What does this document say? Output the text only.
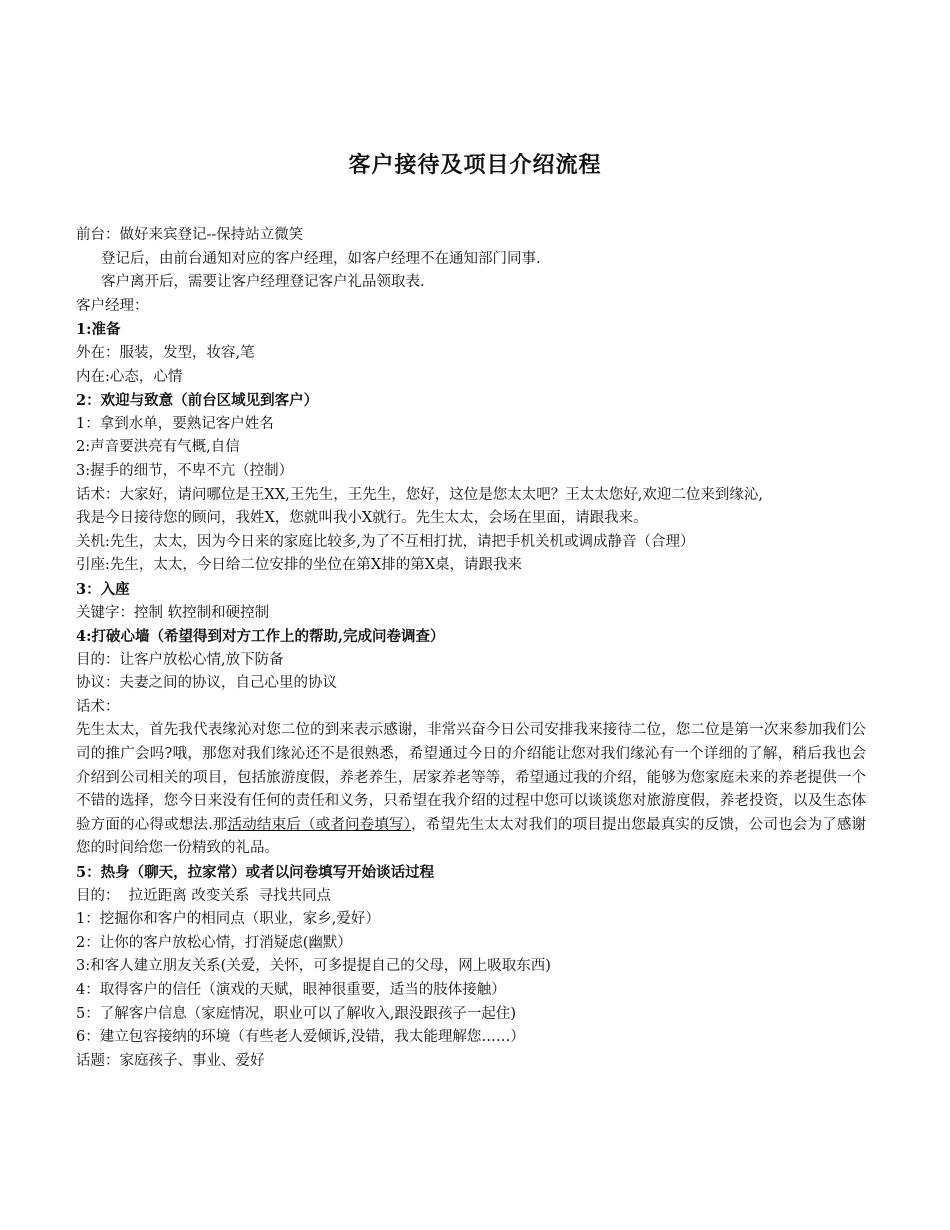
客户接待及项目介绍流程

前台：做好来宾登记--保持站立微笑

登记后，由前台通知对应的客户经理，如客户经理不在通知部门同事.

客户离开后，需要让客户经理登记客户礼品领取表.

客户经理：

1:准备

外在：服装，发型，妆容,笔

内在:心态，心情

2：欢迎与致意（前台区域见到客户）

1：拿到水单，要熟记客户姓名

2:声音要洪亮有气概,自信

3:握手的细节，不卑不亢（控制）

话术：大家好，请问哪位是王XX,王先生，王先生，您好，这位是您太太吧？王太太您好,欢迎二位来到缘沁,

我是今日接待您的顾问，我姓X，您就叫我小X就行。先生太太，会场在里面，请跟我来。

关机:先生，太太，因为今日来的家庭比较多,为了不互相打扰，请把手机关机或调成静音（合理）

引座:先生，太太，今日给二位安排的坐位在第X排的第X桌，请跟我来

3：入座

关键字：控制 软控制和硬控制

4:打破心墙（希望得到对方工作上的帮助,完成问卷调查）

目的：让客户放松心情,放下防备

协议：夫妻之间的协议，自己心里的协议

话术：

先生太太，首先我代表缘沁对您二位的到来表示感谢，非常兴奋今日公司安排我来接待二位，您二位是第一次来参加我们公司的推广会吗?哦，那您对我们缘沁还不是很熟悉，希望通过今日的介绍能让您对我们缘沁有一个详细的了解，稍后我也会介绍到公司相关的项目，包括旅游度假，养老养生，居家养老等等，希望通过我的介绍，能够为您家庭未来的养老提供一个不错的选择，您今日来没有任何的责任和义务，只希望在我介绍的过程中您可以谈谈您对旅游度假，养老投资，以及生态体验方面的心得或想法.那活动结束后（或者问卷填写），希望先生太太对我们的项目提出您最真实的反馈，公司也会为了感谢您的时间给您一份精致的礼品。

5：热身（聊天，拉家常）或者以问卷填写开始谈话过程

目的：  拉近距离 改变关系  寻找共同点

1：挖掘你和客户的相同点（职业，家乡,爱好）

2：让你的客户放松心情，打消疑虑(幽默）

3:和客人建立朋友关系(关爱，关怀，可多提提自己的父母，网上吸取东西)

4：取得客户的信任（演戏的天赋，眼神很重要，适当的肢体接触）

5：了解客户信息（家庭情况，职业可以了解收入,跟没跟孩子一起住)

6：建立包容接纳的环境（有些老人爱倾诉,没错，我太能理解您……）

话题：家庭孩子、事业、爱好
